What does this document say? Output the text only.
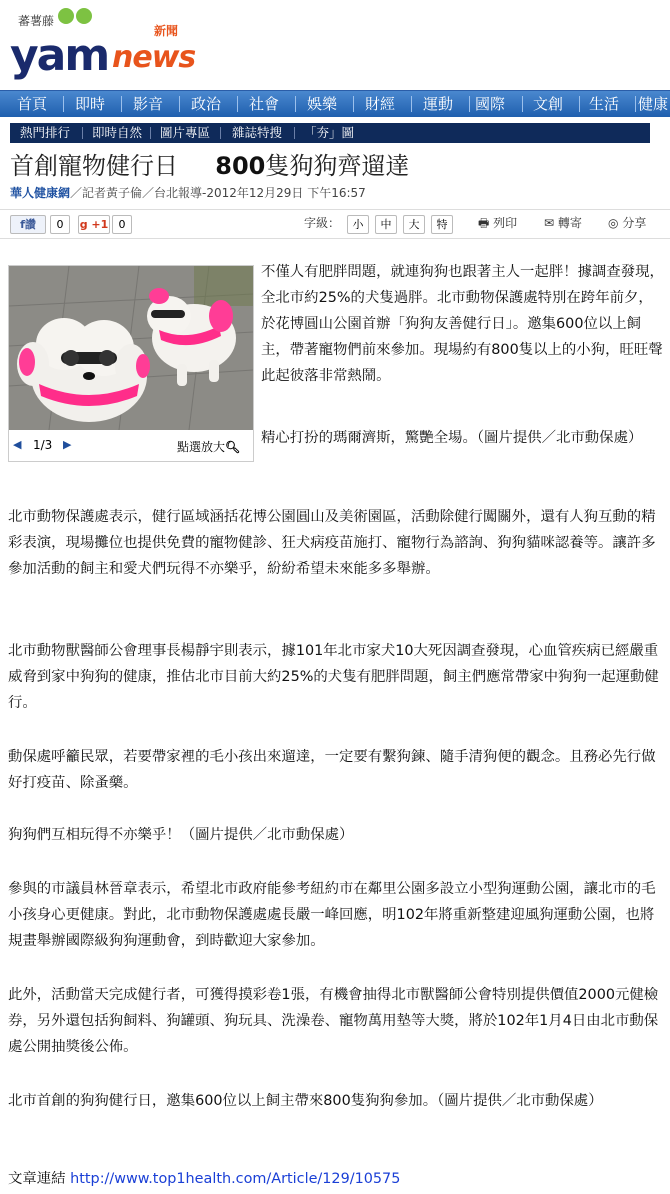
蕃薯藤
yam	新聞
news
首頁	即時	影音	政治	社會	娛樂	財經	運動	國際	文創	生活	健康
熱門排行 即時自然 圖片專區 雜誌特搜 「夯」圖
首創寵物健行日 800隻狗狗齊遛達
華人健康網／記者黃子倫／台北報導-2012年12月29日 下午16:57
f讚	0	g +1 0	字級：	小	中	大	特	🖶 列印 ✉ 轉寄 ◎ 分享
◀ 1/3 ▶	點選放大🔍︎

不僅人有肥胖問題，就連狗狗也跟著主人一起胖！據調查發現，全北市約25%的犬隻過胖。北市動物保護處特別在跨年前夕，於花博圓山公園首辦「狗狗友善健行日」。邀集600位以上飼主，帶著寵物們前來參加。現場約有800隻以上的小狗，旺旺聲此起彼落非常熱鬧。

精心打扮的瑪爾濟斯，驚艷全場。（圖片提供／北市動保處）

北市動物保護處表示，健行區域涵括花博公園圓山及美術園區，活動除健行闖關外，還有人狗互動的精彩表演，現場攤位也提供免費的寵物健診、狂犬病疫苗施打、寵物行為諮詢、狗狗貓咪認養等。讓許多參加活動的飼主和愛犬們玩得不亦樂乎，紛紛希望未來能多多舉辦。

北市動物獸醫師公會理事長楊靜宇則表示，據101年北市家犬10大死因調查發現，心血管疾病已經嚴重威脅到家中狗狗的健康，推估北市目前大約25%的犬隻有肥胖問題，飼主們應常帶家中狗狗一起運動健行。

動保處呼籲民眾，若要帶家裡的毛小孩出來遛達，一定要有繫狗鍊、隨手清狗便的觀念。且務必先行做好打疫苗、除蚤藥。

狗狗們互相玩得不亦樂乎！（圖片提供／北市動保處）

參與的市議員林晉章表示，希望北市政府能參考紐約市在鄰里公園多設立小型狗運動公園，讓北市的毛小孩身心更健康。對此，北市動物保護處處長嚴一峰回應，明102年將重新整建迎風狗運動公園，也將規畫舉辦國際級狗狗運動會，到時歡迎大家參加。

此外，活動當天完成健行者，可獲得摸彩卷1張，有機會抽得北市獸醫師公會特別提供價值2000元健檢券，另外還包括狗飼料、狗罐頭、狗玩具、洗澡卷、寵物萬用墊等大獎，將於102年1月4日由北市動保處公開抽獎後公佈。

北市首創的狗狗健行日，邀集600位以上飼主帶來800隻狗狗參加。（圖片提供／北市動保處）

文章連結 http://www.top1health.com/Article/129/10575
